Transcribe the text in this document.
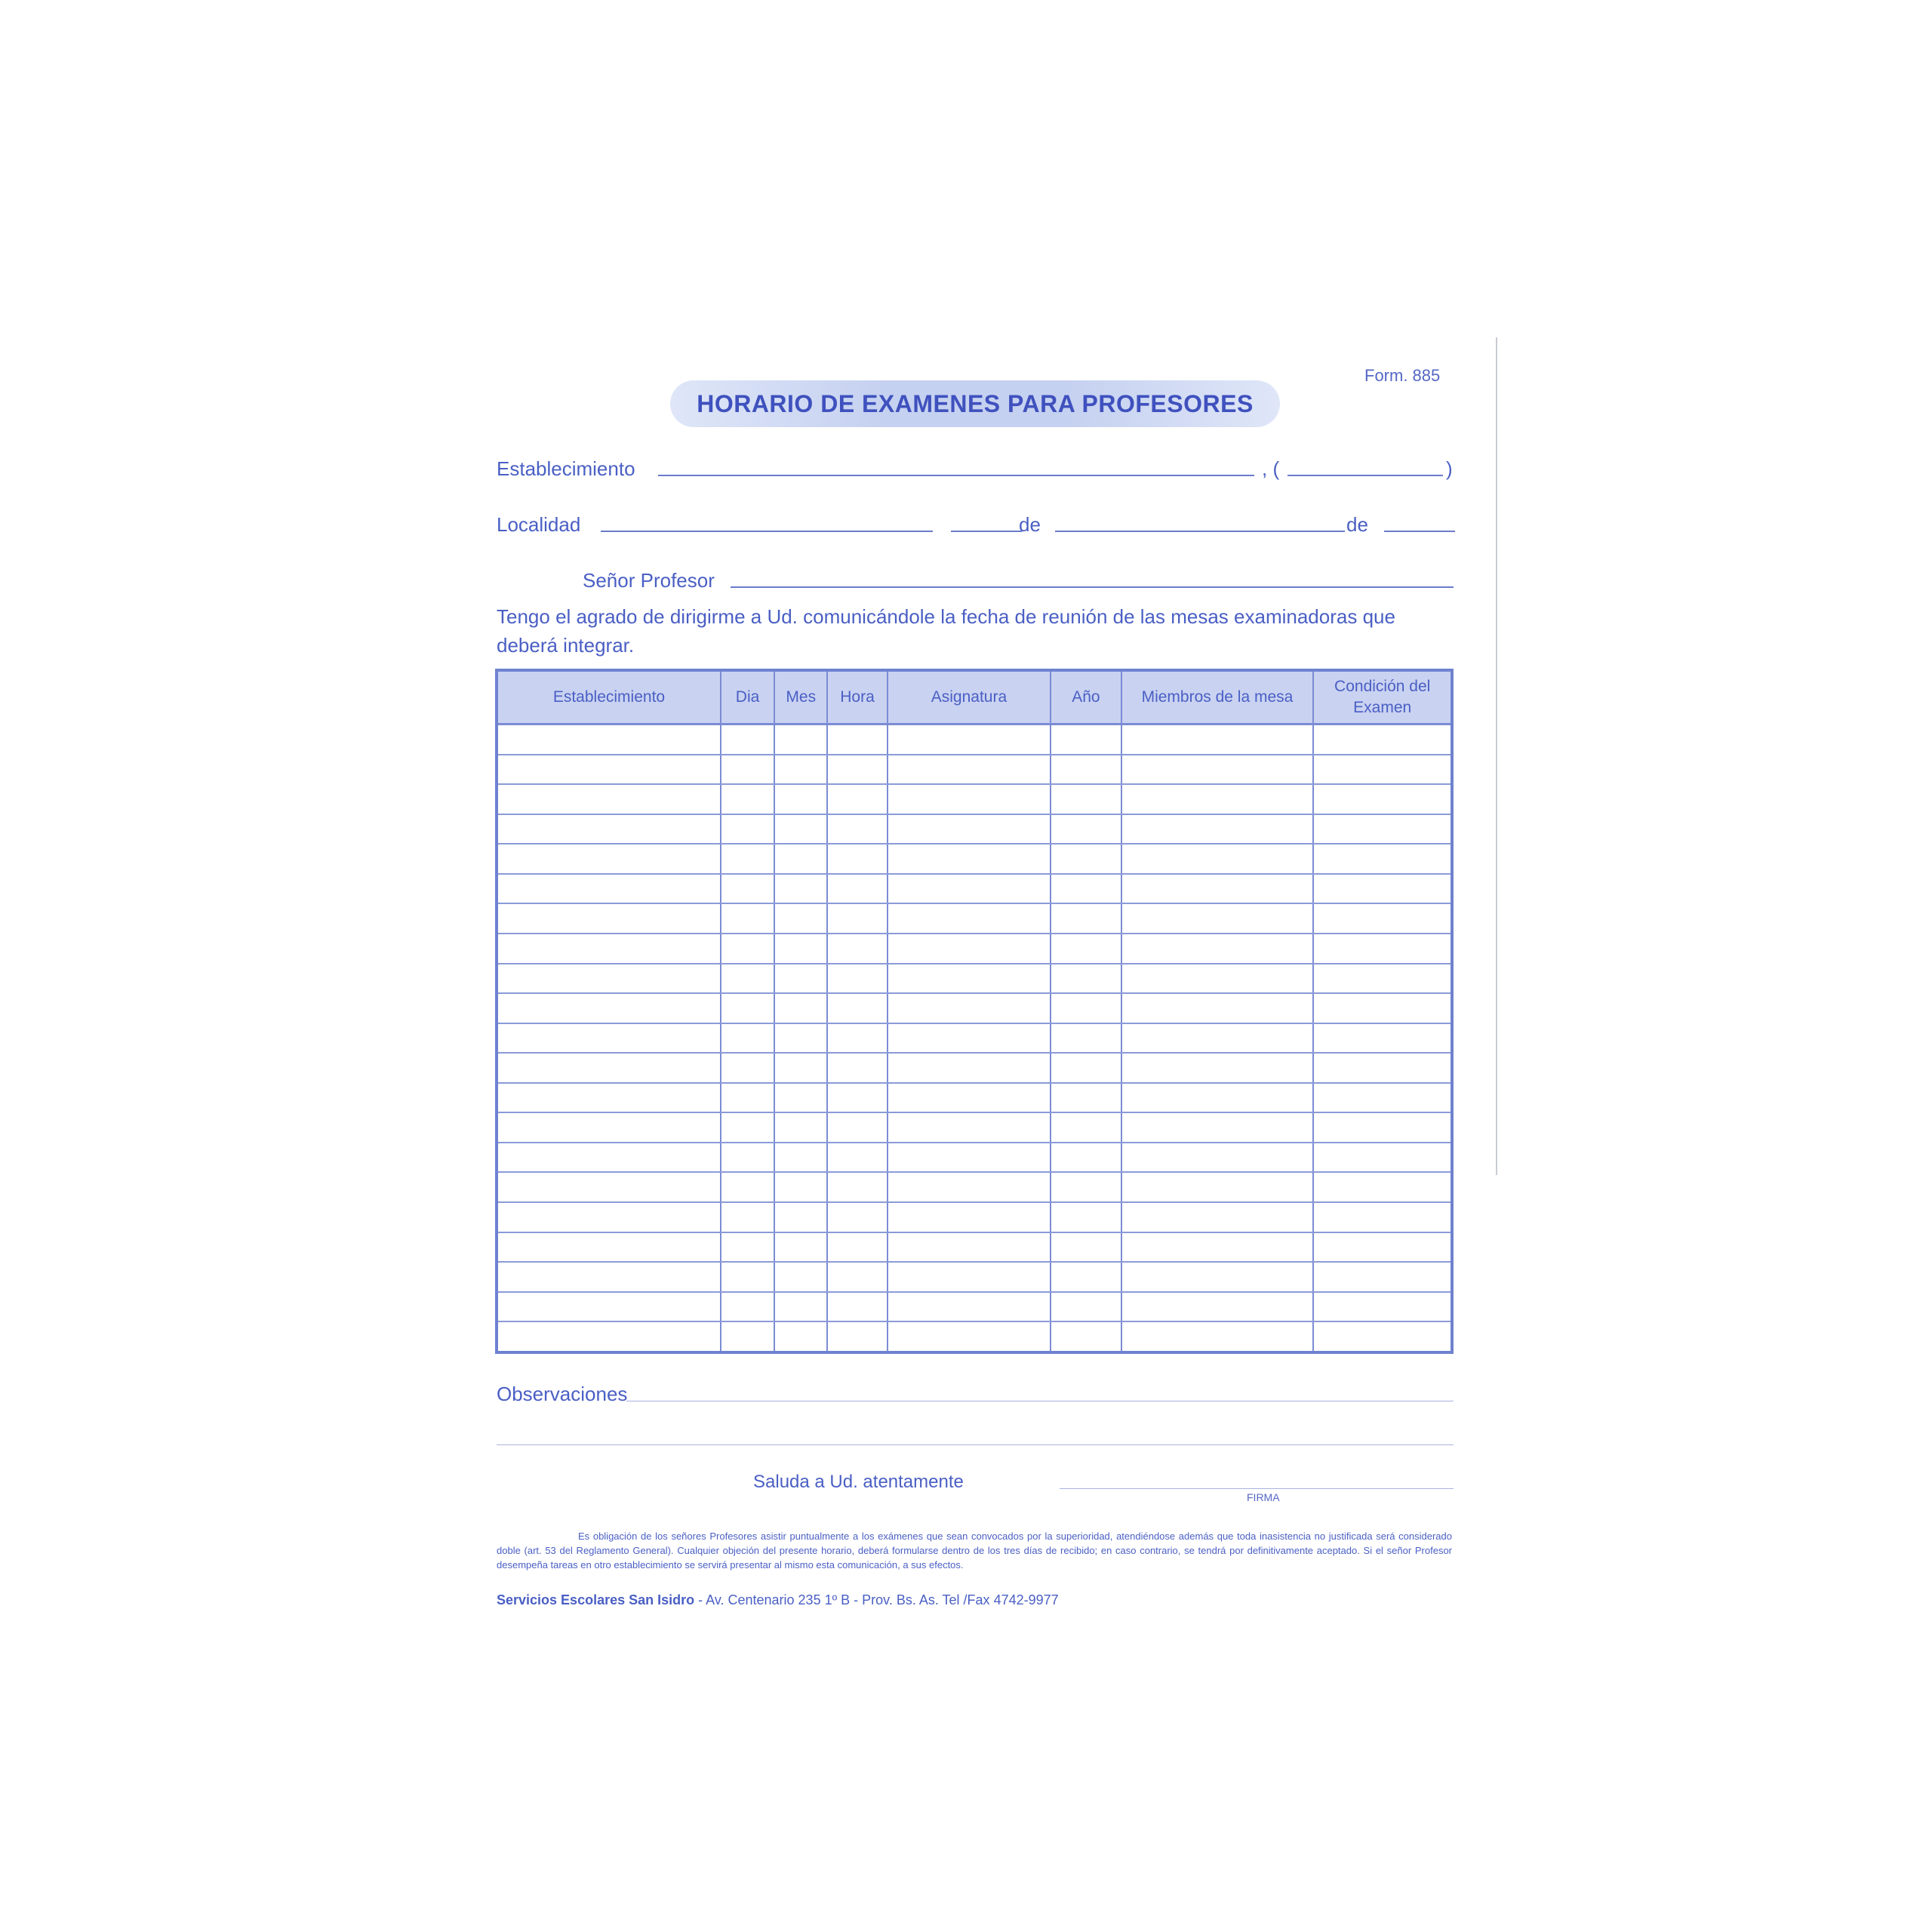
Form. 885
HORARIO DE EXAMENES PARA PROFESORES
Establecimiento	, (	)
Localidad	de	de
Señor Profesor
Tengo el agrado de dirigirme a Ud. comunicándole la fecha de reunión de las mesas examinadoras que deberá integrar.
Establecimiento	Dia	Mes	Hora	Asignatura	Año	Miembros de la mesa	Condición del Examen

Observaciones
Saluda a Ud. atentamente
FIRMA
Es obligación de los señores Profesores asistir puntualmente a los exámenes que sean convocados por la superioridad, atendiéndose además que toda inasistencia no justificada será considerado doble (art. 53 del Reglamento General). Cualquier objeción del presente horario, deberá formularse dentro de los tres días de recibido; en caso contrario, se tendrá por definitivamente aceptado. Si el señor Profesor desempeña tareas en otro establecimiento se servirá presentar al mismo esta comunicación, a sus efectos.
Servicios Escolares San Isidro - Av. Centenario 235 1º B - Prov. Bs. As. Tel /Fax 4742-9977
